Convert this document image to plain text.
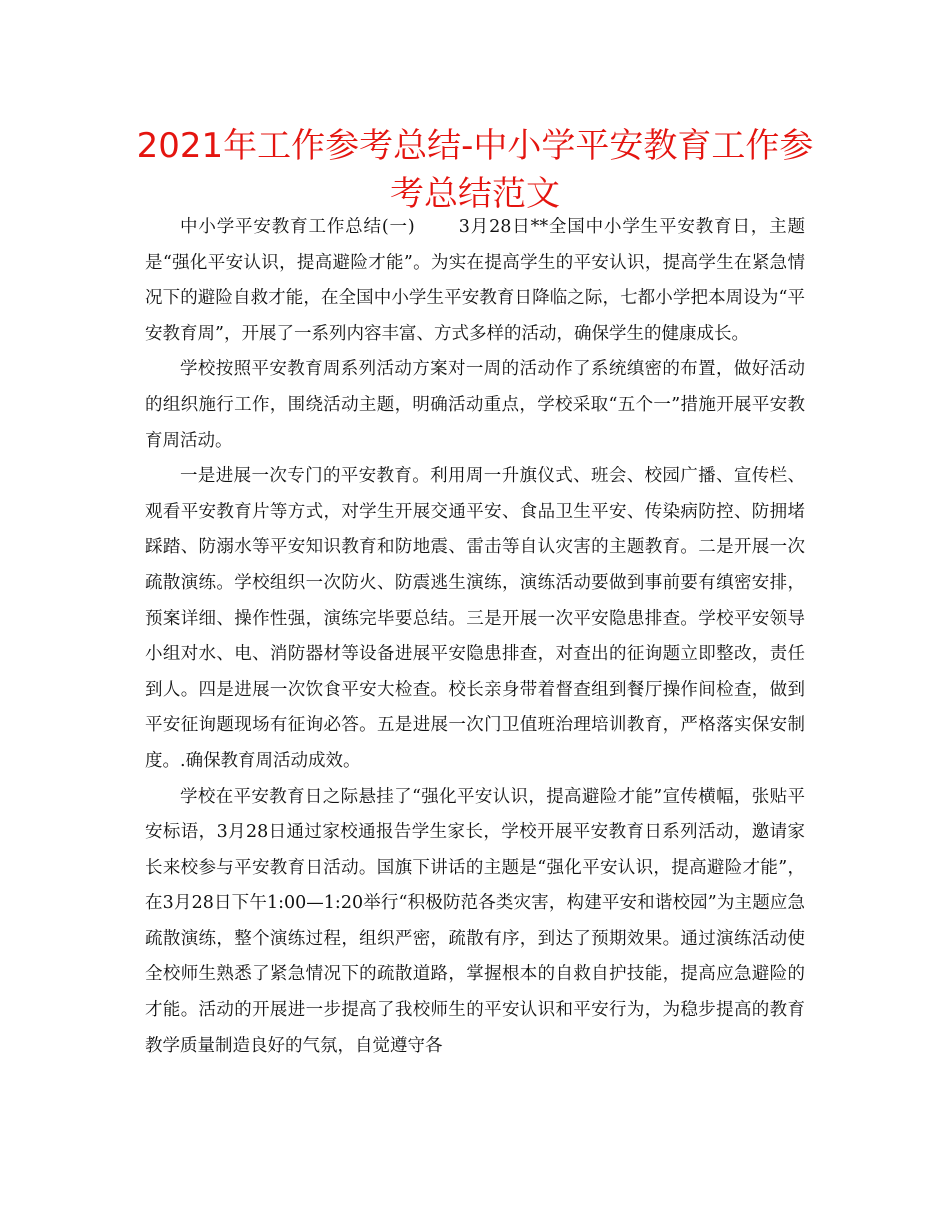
2021年工作参考总结-中小学平安教育工作参考总结范文

中小学平安教育工作总结(一)	3月28日**全国中小学生平安教育日，主题是“强化平安认识，提高避险才能”。为实在提高学生的平安认识，提高学生在紧急情况下的避险自救才能，在全国中小学生平安教育日降临之际，七都小学把本周设为“平安教育周”，开展了一系列内容丰富、方式多样的活动，确保学生的健康成长。

学校按照平安教育周系列活动方案对一周的活动作了系统缜密的布置，做好活动的组织施行工作，围绕活动主题，明确活动重点，学校采取“五个一”措施开展平安教育周活动。

一是进展一次专门的平安教育。利用周一升旗仪式、班会、校园广播、宣传栏、观看平安教育片等方式，对学生开展交通平安、食品卫生平安、传染病防控、防拥堵踩踏、防溺水等平安知识教育和防地震、雷击等自认灾害的主题教育。二是开展一次疏散演练。学校组织一次防火、防震逃生演练，演练活动要做到事前要有缜密安排，预案详细、操作性强，演练完毕要总结。三是开展一次平安隐患排查。学校平安领导小组对水、电、消防器材等设备进展平安隐患排查，对查出的征询题立即整改，责任到人。四是进展一次饮食平安大检查。校长亲身带着督查组到餐厅操作间检查，做到平安征询题现场有征询必答。五是进展一次门卫值班治理培训教育，严格落实保安制度。.确保教育周活动成效。

学校在平安教育日之际悬挂了“强化平安认识，提高避险才能”宣传横幅，张贴平安标语，3月28日通过家校通报告学生家长，学校开展平安教育日系列活动，邀请家长来校参与平安教育日活动。国旗下讲话的主题是“强化平安认识，提高避险才能”，在3月28日下午1:00—1:20举行“积极防范各类灾害，构建平安和谐校园”为主题应急疏散演练，整个演练过程，组织严密，疏散有序，到达了预期效果。通过演练活动使全校师生熟悉了紧急情况下的疏散道路，掌握根本的自救自护技能，提高应急避险的才能。活动的开展进一步提高了我校师生的平安认识和平安行为，为稳步提高的教育教学质量制造良好的气氛，自觉遵守各
